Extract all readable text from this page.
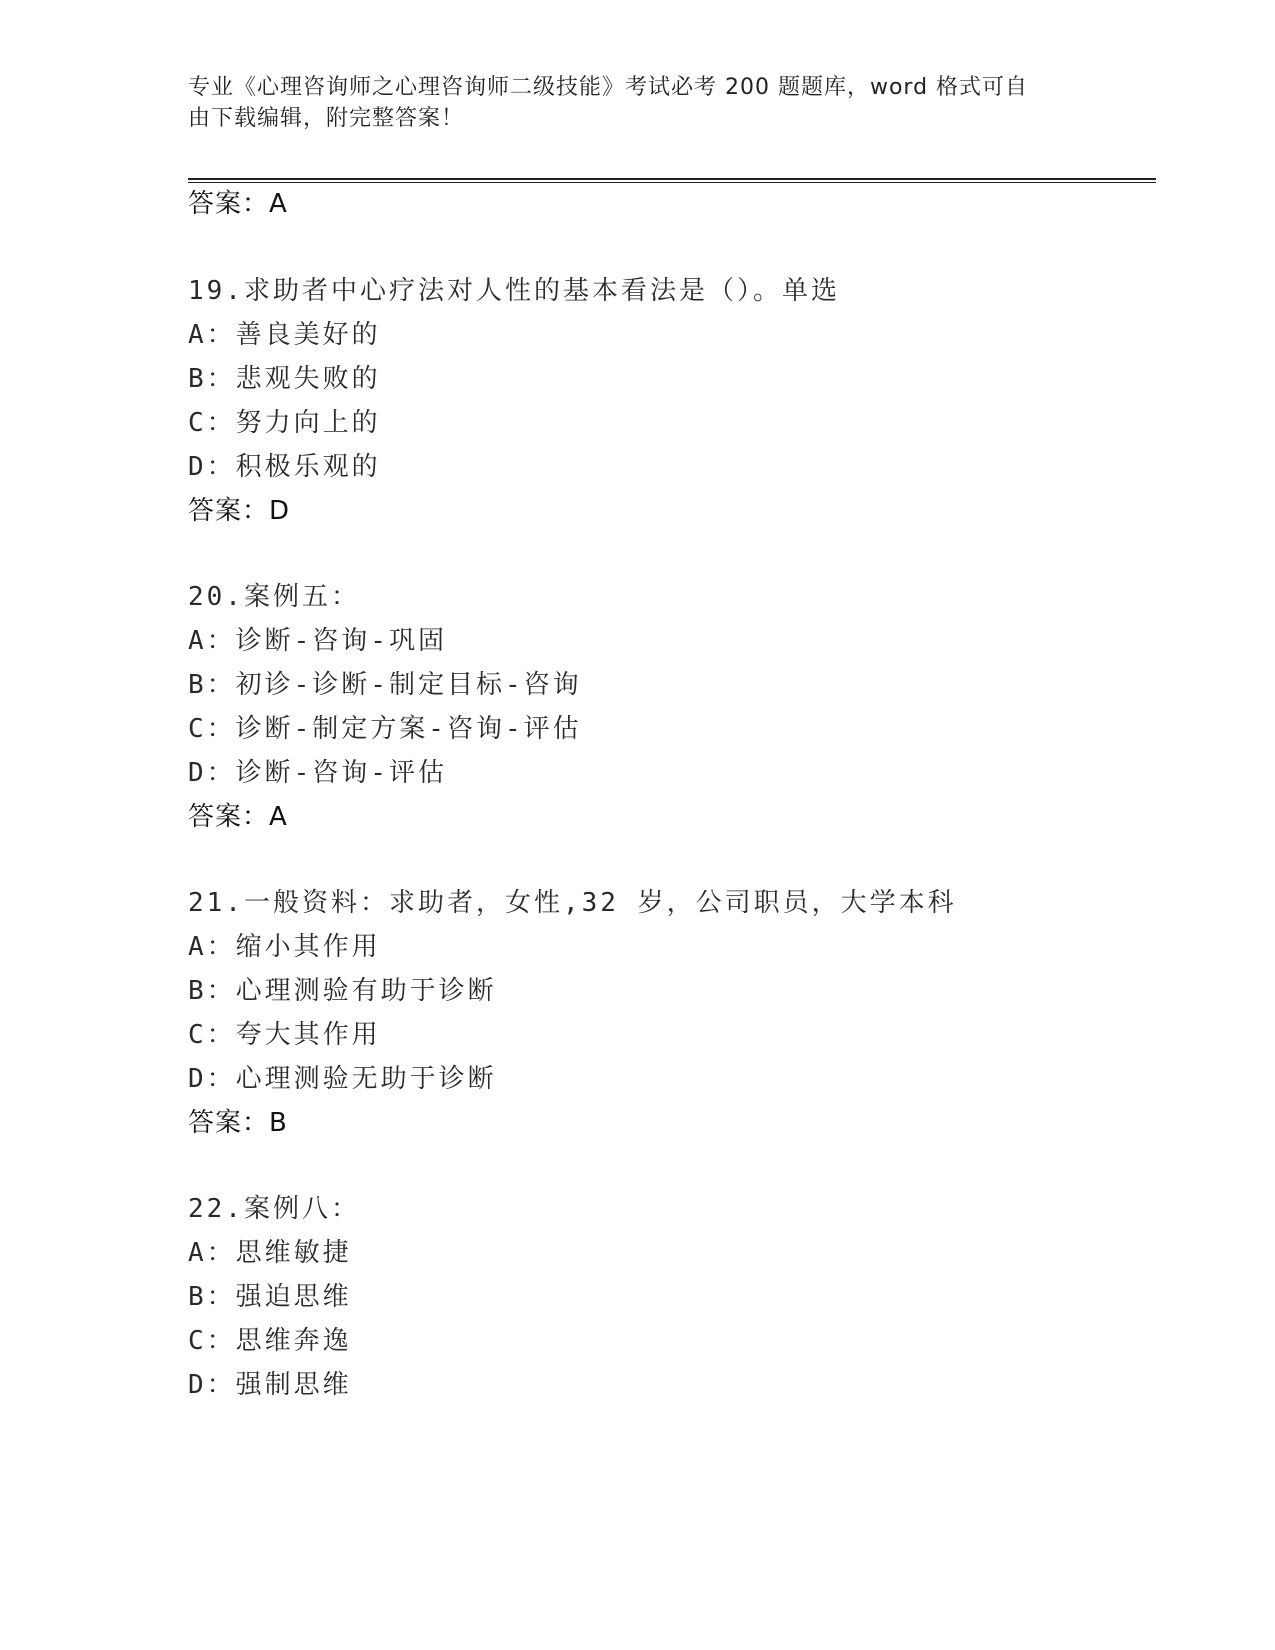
专业《心理咨询师之心理咨询师二级技能》考试必考 200 题题库，word 格式可自
由下载编辑，附完整答案！
答案：A
19.求助者中心疗法对人性的基本看法是（）。单选
A：善良美好的
B：悲观失败的
C：努力向上的
D：积极乐观的
答案：D
20.案例五：
A：诊断-咨询-巩固
B：初诊-诊断-制定目标-咨询
C：诊断-制定方案-咨询-评估
D：诊断-咨询-评估
答案：A
21.一般资料：求助者，女性,32 岁，公司职员，大学本科
A：缩小其作用
B：心理测验有助于诊断
C：夸大其作用
D：心理测验无助于诊断
答案：B
22.案例八：
A：思维敏捷
B：强迫思维
C：思维奔逸
D：强制思维
